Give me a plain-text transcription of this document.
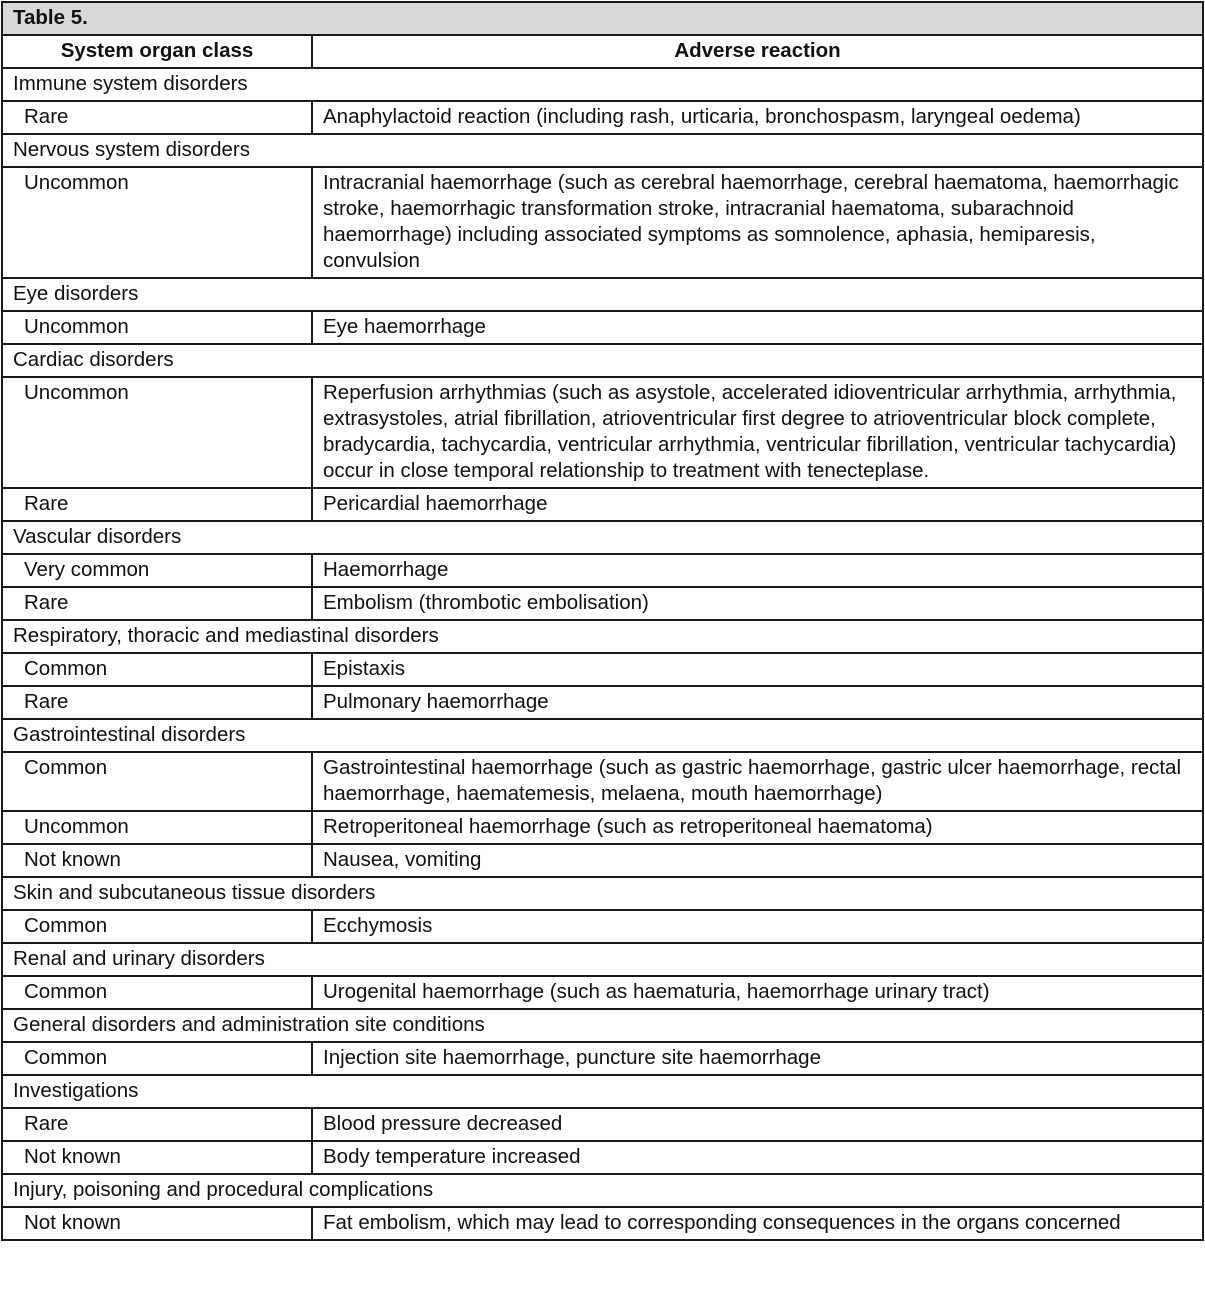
Table 5.	
System organ class	Adverse reaction
Immune system disorders	
Rare	Anaphylactoid reaction (including rash, urticaria, bronchospasm, laryngeal oedema)
Nervous system disorders	
Uncommon	Intracranial haemorrhage (such as cerebral haemorrhage, cerebral haematoma, haemorrhagic stroke, haemorrhagic transformation stroke, intracranial haematoma, subarachnoid haemorrhage) including associated symptoms as somnolence, aphasia, hemiparesis, convulsion
Eye disorders	
Uncommon	Eye haemorrhage
Cardiac disorders	
Uncommon	Reperfusion arrhythmias (such as asystole, accelerated idioventricular arrhythmia, arrhythmia, extrasystoles, atrial fibrillation, atrioventricular first degree to atrioventricular block complete, bradycardia, tachycardia, ventricular arrhythmia, ventricular fibrillation, ventricular tachycardia) occur in close temporal relationship to treatment with tenecteplase.
Rare	Pericardial haemorrhage
Vascular disorders	
Very common	Haemorrhage
Rare	Embolism (thrombotic embolisation)
Respiratory, thoracic and mediastinal disorders	
Common	Epistaxis
Rare	Pulmonary haemorrhage
Gastrointestinal disorders	
Common	Gastrointestinal haemorrhage (such as gastric haemorrhage, gastric ulcer haemorrhage, rectal haemorrhage, haematemesis, melaena, mouth haemorrhage)
Uncommon	Retroperitoneal haemorrhage (such as retroperitoneal haematoma)
Not known	Nausea, vomiting
Skin and subcutaneous tissue disorders	
Common	Ecchymosis
Renal and urinary disorders	
Common	Urogenital haemorrhage (such as haematuria, haemorrhage urinary tract)
General disorders and administration site conditions	
Common	Injection site haemorrhage, puncture site haemorrhage
Investigations	
Rare	Blood pressure decreased
Not known	Body temperature increased
Injury, poisoning and procedural complications	
Not known	Fat embolism, which may lead to corresponding consequences in the organs concerned
